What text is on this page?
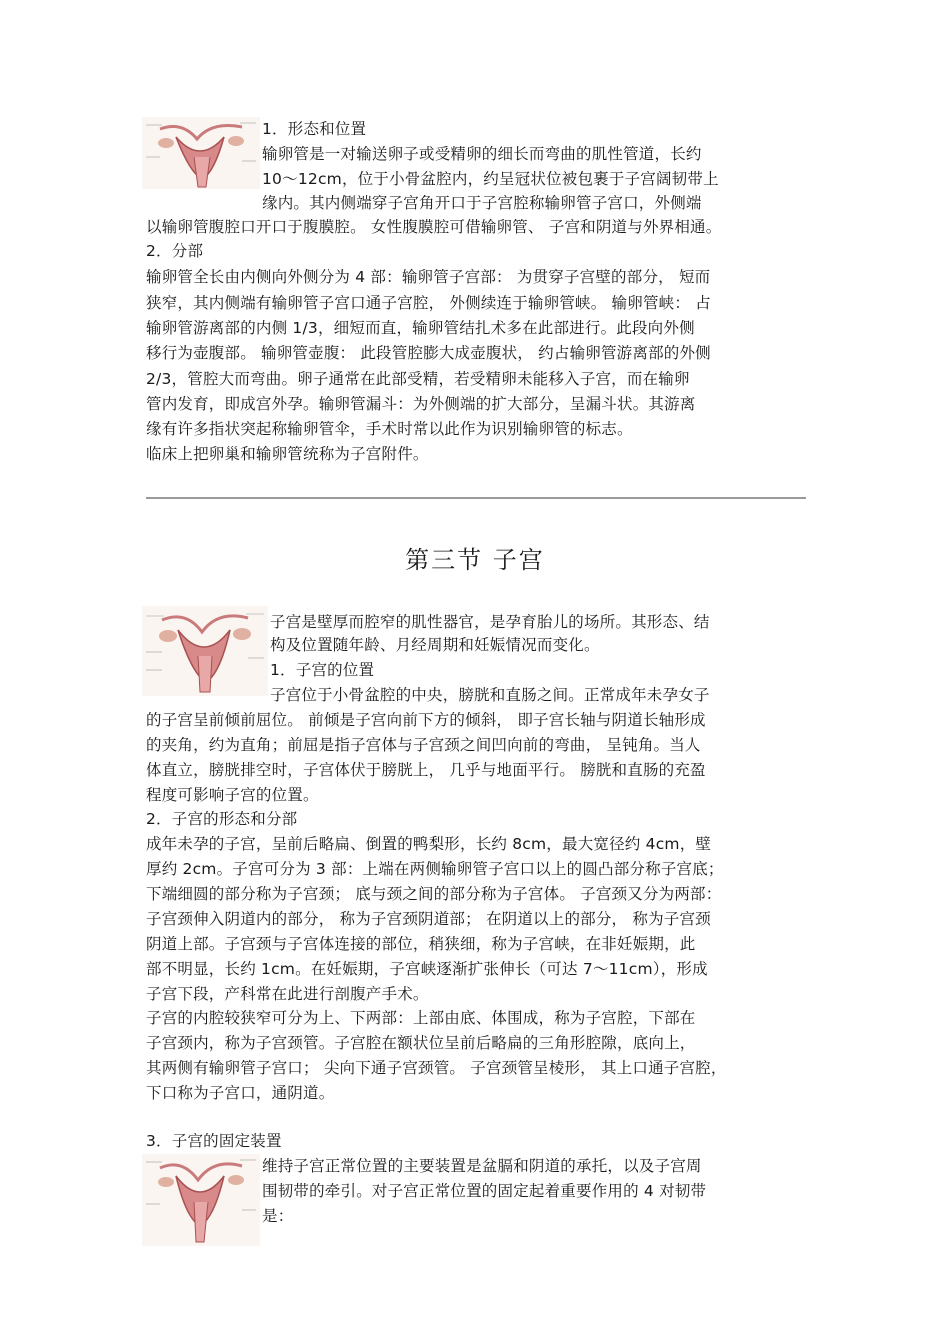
1．形态和位置
输卵管是一对输送卵子或受精卵的细长而弯曲的肌性管道，长约
10～12cm，位于小骨盆腔内，约呈冠状位被包裹于子宫阔韧带上
缘内。其内侧端穿子宫角开口于子宫腔称输卵管子宫口，外侧端
以输卵管腹腔口开口于腹膜腔。 女性腹膜腔可借输卵管、 子宫和阴道与外界相通。
2．分部
输卵管全长由内侧向外侧分为 4 部：输卵管子宫部： 为贯穿子宫壁的部分， 短而
狭窄，其内侧端有输卵管子宫口通子宫腔， 外侧续连于输卵管峡。 输卵管峡： 占
输卵管游离部的内侧 1/3，细短而直，输卵管结扎术多在此部进行。此段向外侧
移行为壶腹部。 输卵管壶腹： 此段管腔膨大成壶腹状， 约占输卵管游离部的外侧
2/3，管腔大而弯曲。卵子通常在此部受精，若受精卵未能移入子宫，而在输卵
管内发育，即成宫外孕。输卵管漏斗：为外侧端的扩大部分，呈漏斗状。其游离
缘有许多指状突起称输卵管伞，手术时常以此作为识别输卵管的标志。
临床上把卵巢和输卵管统称为子宫附件。
第三节 子宫
子宫是壁厚而腔窄的肌性器官，是孕育胎儿的场所。其形态、结
构及位置随年龄、月经周期和妊娠情况而变化。
1．子宫的位置
子宫位于小骨盆腔的中央，膀胱和直肠之间。正常成年未孕女子
的子宫呈前倾前屈位。 前倾是子宫向前下方的倾斜， 即子宫长轴与阴道长轴形成
的夹角，约为直角；前屈是指子宫体与子宫颈之间凹向前的弯曲， 呈钝角。当人
体直立，膀胱排空时，子宫体伏于膀胱上， 几乎与地面平行。 膀胱和直肠的充盈
程度可影响子宫的位置。
2．子宫的形态和分部
成年未孕的子宫，呈前后略扁、倒置的鸭梨形，长约 8cm，最大宽径约 4cm，壁
厚约 2cm。子宫可分为 3 部：上端在两侧输卵管子宫口以上的圆凸部分称子宫底；
下端细圆的部分称为子宫颈； 底与颈之间的部分称为子宫体。 子宫颈又分为两部：
子宫颈伸入阴道内的部分， 称为子宫颈阴道部； 在阴道以上的部分， 称为子宫颈
阴道上部。子宫颈与子宫体连接的部位，稍狭细，称为子宫峡，在非妊娠期，此
部不明显，长约 1cm。在妊娠期，子宫峡逐渐扩张伸长（可达 7～11cm），形成
子宫下段，产科常在此进行剖腹产手术。
子宫的内腔较狭窄可分为上、下两部：上部由底、体围成，称为子宫腔，下部在
子宫颈内，称为子宫颈管。子宫腔在额状位呈前后略扁的三角形腔隙，底向上，
其两侧有输卵管子宫口； 尖向下通子宫颈管。 子宫颈管呈棱形， 其上口通子宫腔，
下口称为子宫口，通阴道。
3．子宫的固定装置
维持子宫正常位置的主要装置是盆膈和阴道的承托，以及子宫周
围韧带的牵引。对子宫正常位置的固定起着重要作用的 4 对韧带
是：
